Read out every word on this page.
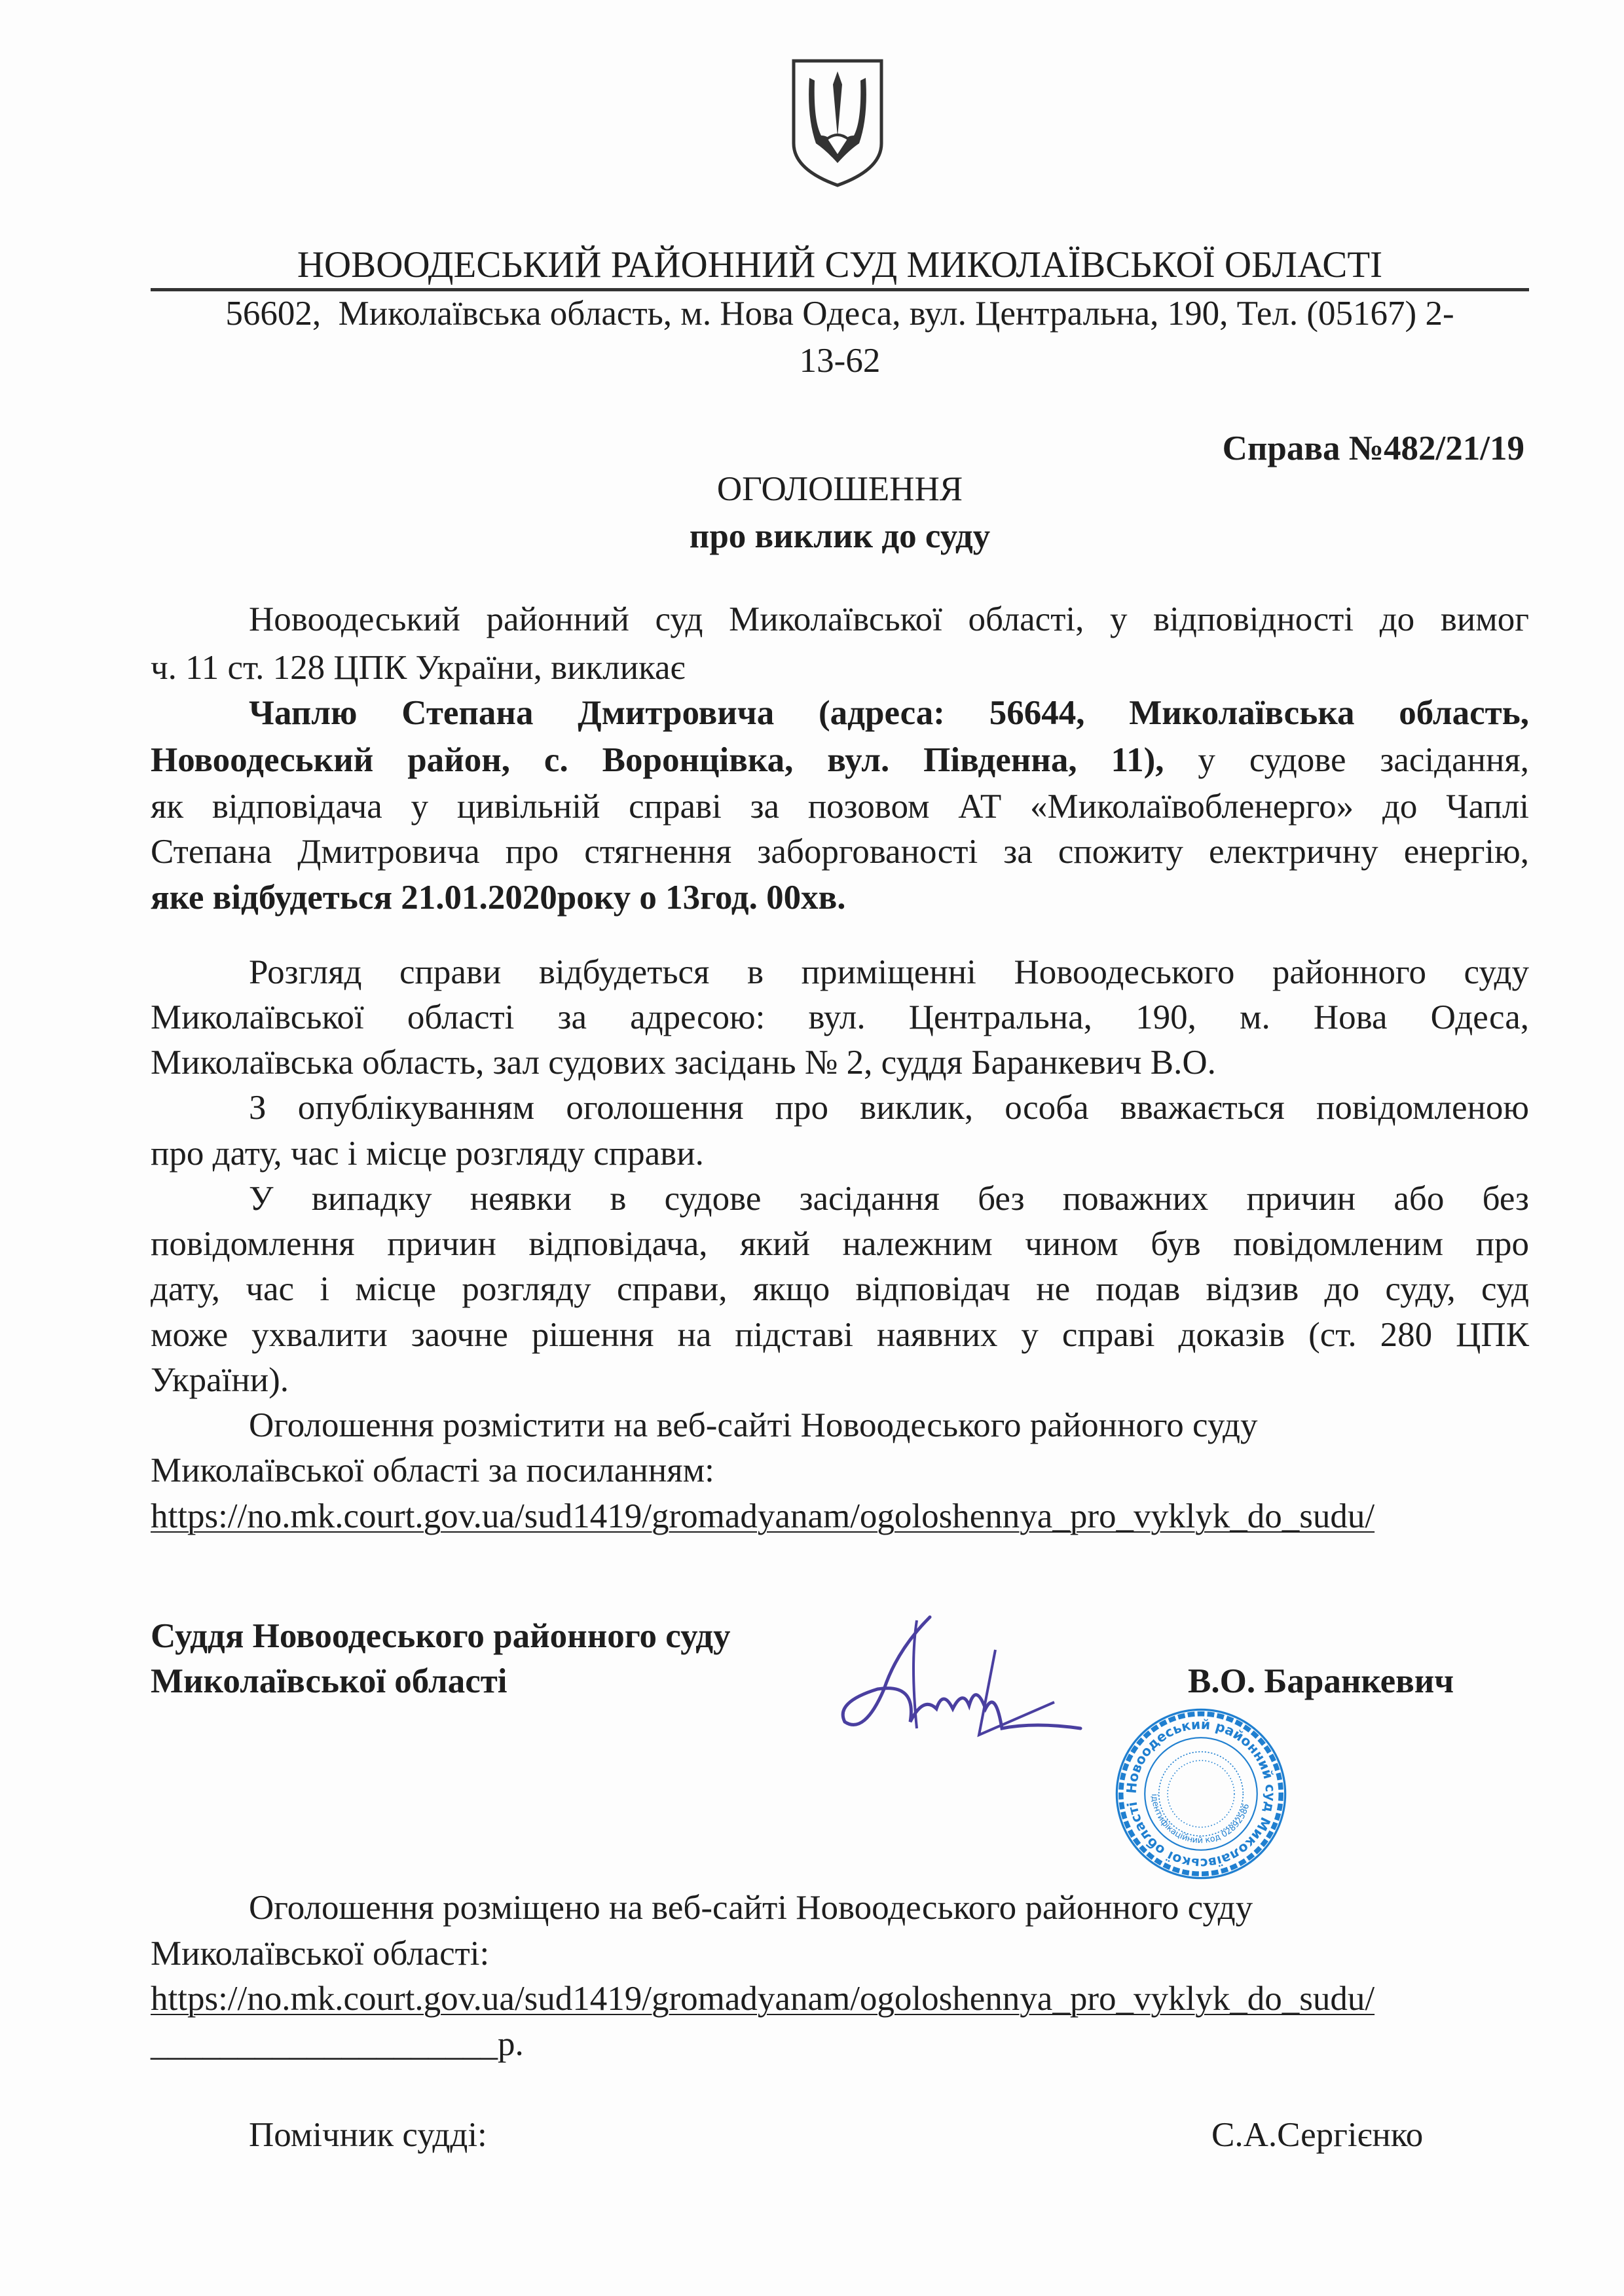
НОВООДЕСЬКИЙ РАЙОННИЙ СУД МИКОЛАЇВСЬКОЇ ОБЛАСТІ
56602,  Миколаївська область, м. Нова Одеса, вул. Центральна, 190, Тел. (05167) 2-
13-62
Справа №482/21/19
ОГОЛОШЕННЯ
про виклик до суду
Новоодеський районний суд Миколаївської області, у відповідності до вимог
ч. 11 ст. 128 ЦПК України, викликає
Чаплю Степана Дмитровича (адреса: 56644, Миколаївська область,
Новоодеський район, с. Воронцівка, вул. Південна, 11), у судове засідання,
як відповідача у цивільній справі за позовом АТ «Миколаївобленерго» до Чаплі
Степана Дмитровича про стягнення заборгованості за спожиту електричну енергію,
яке відбудеться 21.01.2020року о 13год. 00хв.
Розгляд справи відбудеться в приміщенні Новоодеського районного суду
Миколаївської області за адресою: вул. Центральна, 190, м. Нова Одеса,
Миколаївська область, зал судових засідань № 2, суддя Баранкевич В.О.
З опублікуванням оголошення про виклик, особа вважається повідомленою
про дату, час і місце розгляду справи.
У випадку неявки в судове засідання без поважних причин або без
повідомлення причин відповідача, який належним чином був повідомленим про
дату, час і місце розгляду справи, якщо відповідач не подав відзив до суду, суд
може ухвалити заочне рішення на підставі наявних у справі доказів (ст. 280 ЦПК
України).
Оголошення розмістити на веб-сайті Новоодеського районного суду
Миколаївської області за посиланням:
https://no.mk.court.gov.ua/sud1419/gromadyanam/ogoloshennya_pro_vyklyk_do_sudu/
Суддя Новоодеського районного суду
Миколаївської області	В.О. Баранкевич
Новоодеський районний суд Миколаївської області
ідентифікаційний код 02892586
Оголошення розміщено на веб-сайті Новоодеського районного суду
Миколаївської області:
https://no.mk.court.gov.ua/sud1419/gromadyanam/ogoloshennya_pro_vyklyk_do_sudu/
____________________р.
Помічник судді:	С.А.Сергієнко
